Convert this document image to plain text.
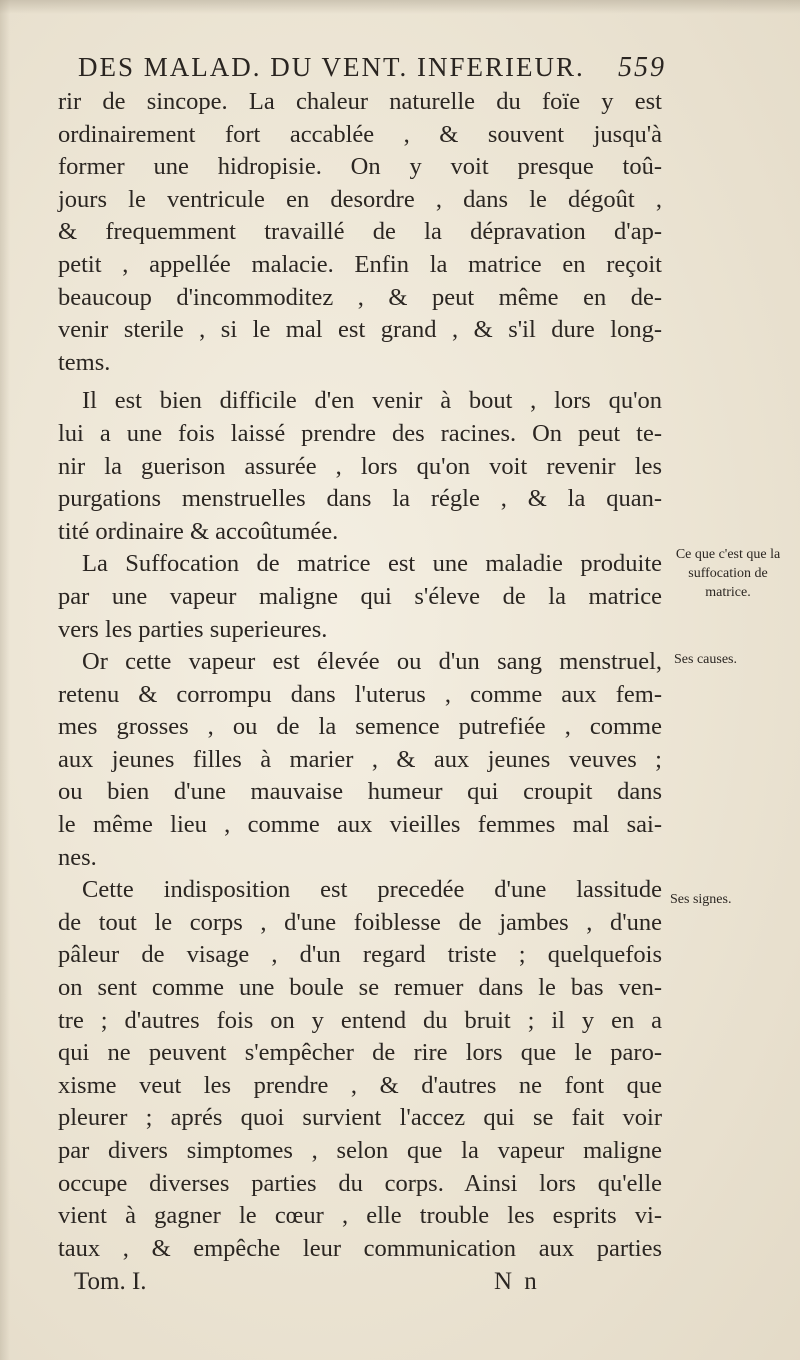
DES MALAD. DU VENT. INFERIEUR. 559
rir de sincope. La chaleur naturelle du foïe y est
ordinairement fort accablée , & souvent jusqu'à
former une hidropisie. On y voit presque toû-
jours le ventricule en desordre , dans le dégoût ,
& frequemment travaillé de la dépravation d'ap-
petit , appellée malacie. Enfin la matrice en reçoit
beaucoup d'incommoditez , & peut même en de-
venir sterile , si le mal est grand , & s'il dure long-
tems.
Il est bien difficile d'en venir à bout , lors qu'on
lui a une fois laissé prendre des racines. On peut te-
nir la guerison assurée , lors qu'on voit revenir les
purgations menstruelles dans la régle , & la quan-
tité ordinaire & accoûtumée.
La Suffocation de matrice est une maladie produite
par une vapeur maligne qui s'éleve de la matrice
vers les parties superieures.
Or cette vapeur est élevée ou d'un sang menstruel,
retenu & corrompu dans l'uterus , comme aux fem-
mes grosses , ou de la semence putrefiée , comme
aux jeunes filles à marier , & aux jeunes veuves ;
ou bien d'une mauvaise humeur qui croupit dans
le même lieu , comme aux vieilles femmes mal sai-
nes.
Cette indisposition est precedée d'une lassitude
de tout le corps , d'une foiblesse de jambes , d'une
pâleur de visage , d'un regard triste ; quelquefois
on sent comme une boule se remuer dans le bas ven-
tre ; d'autres fois on y entend du bruit ; il y en a
qui ne peuvent s'empêcher de rire lors que le paro-
xisme veut les prendre , & d'autres ne font que
pleurer ; aprés quoi survient l'accez qui se fait voir
par divers simptomes , selon que la vapeur maligne
occupe diverses parties du corps. Ainsi lors qu'elle
vient à gagner le cœur , elle trouble les esprits vi-
taux , & empêche leur communication aux parties
Ce que c'est que la suffocation de matrice.
Ses causes.
Ses signes.
Tom. I.	N n
